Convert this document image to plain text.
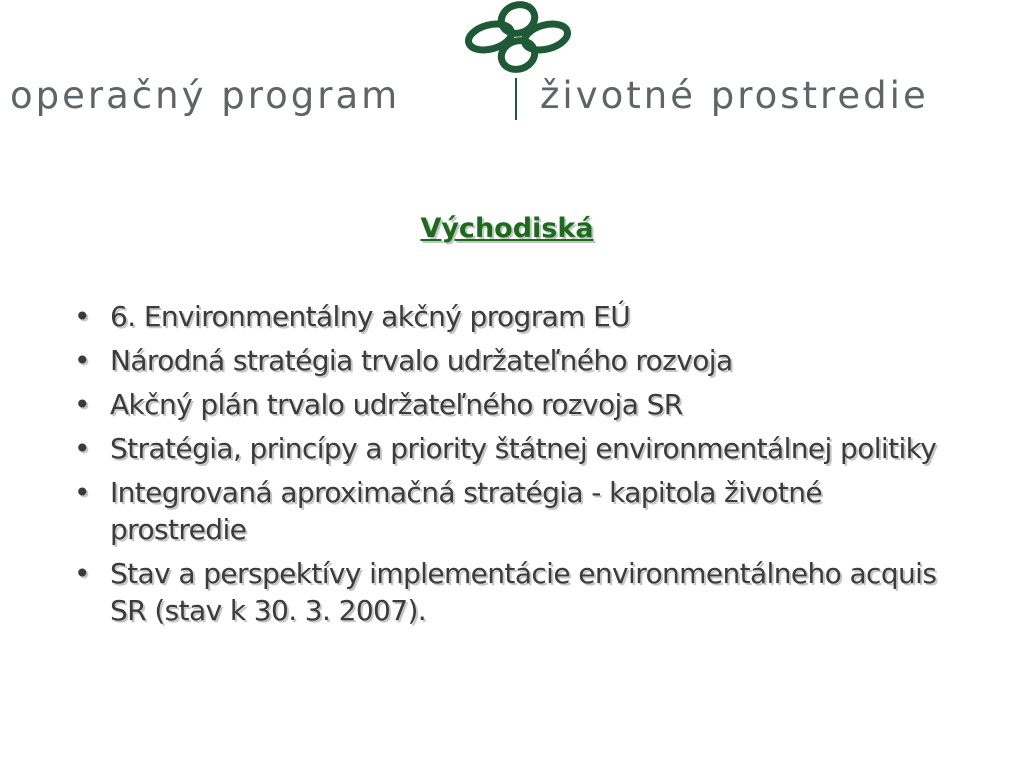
operačný program	životné prostredie
Východiská
• 6. Environmentálny akčný program EÚ
• Národná stratégia trvalo udržateľného rozvoja
• Akčný plán trvalo udržateľného rozvoja SR
• Stratégia, princípy a priority štátnej environmentálnej politiky
• Integrovaná aproximačná stratégia - kapitola životné prostredie
• Stav a perspektívy implementácie environmentálneho acquis SR (stav k 30. 3. 2007).
